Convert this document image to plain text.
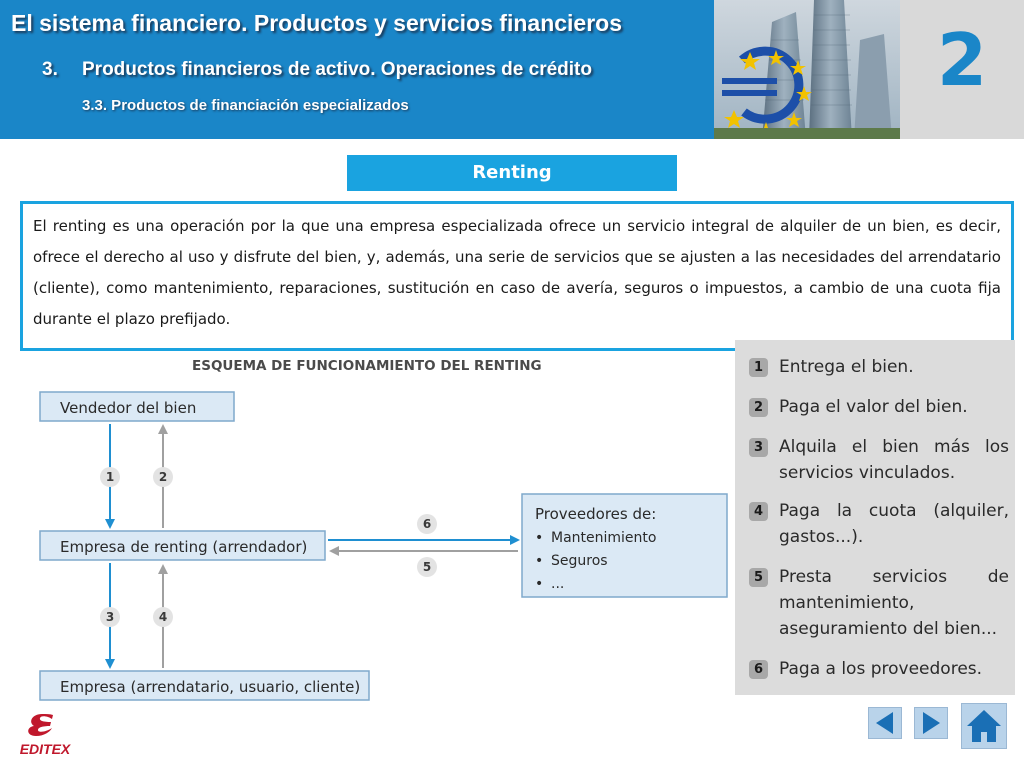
El sistema financiero. Productos y servicios financieros
3. Productos financieros de activo. Operaciones de crédito
3.3. Productos de financiación especializados
2
Renting

El renting es una operación por la que una empresa especializada ofrece un servicio integral de alquiler de un bien, es decir, ofrece el derecho al uso y disfrute del bien, y, además, una serie de servicios que se ajusten a las necesidades del arrendatario (cliente), como mantenimiento, reparaciones, sustitución en caso de avería, seguros o impuestos, a cambio de una cuota fija durante el plazo prefijado.

ESQUEMA DE FUNCIONAMIENTO DEL RENTING
Vendedor del bien
Empresa de renting (arrendador)
Empresa (arrendatario, usuario, cliente)
Proveedores de:
• Mantenimiento
• Seguros
• ...
1	2
3	4
5
6
1 Entrega el bien.
2 Paga el valor del bien.
3 Alquila el bien más los servicios vinculados.
4 Paga la cuota (alquiler, gastos...).
5 Presta servicios de mantenimiento, aseguramiento del bien...
6 Paga a los proveedores.
EDITEX
